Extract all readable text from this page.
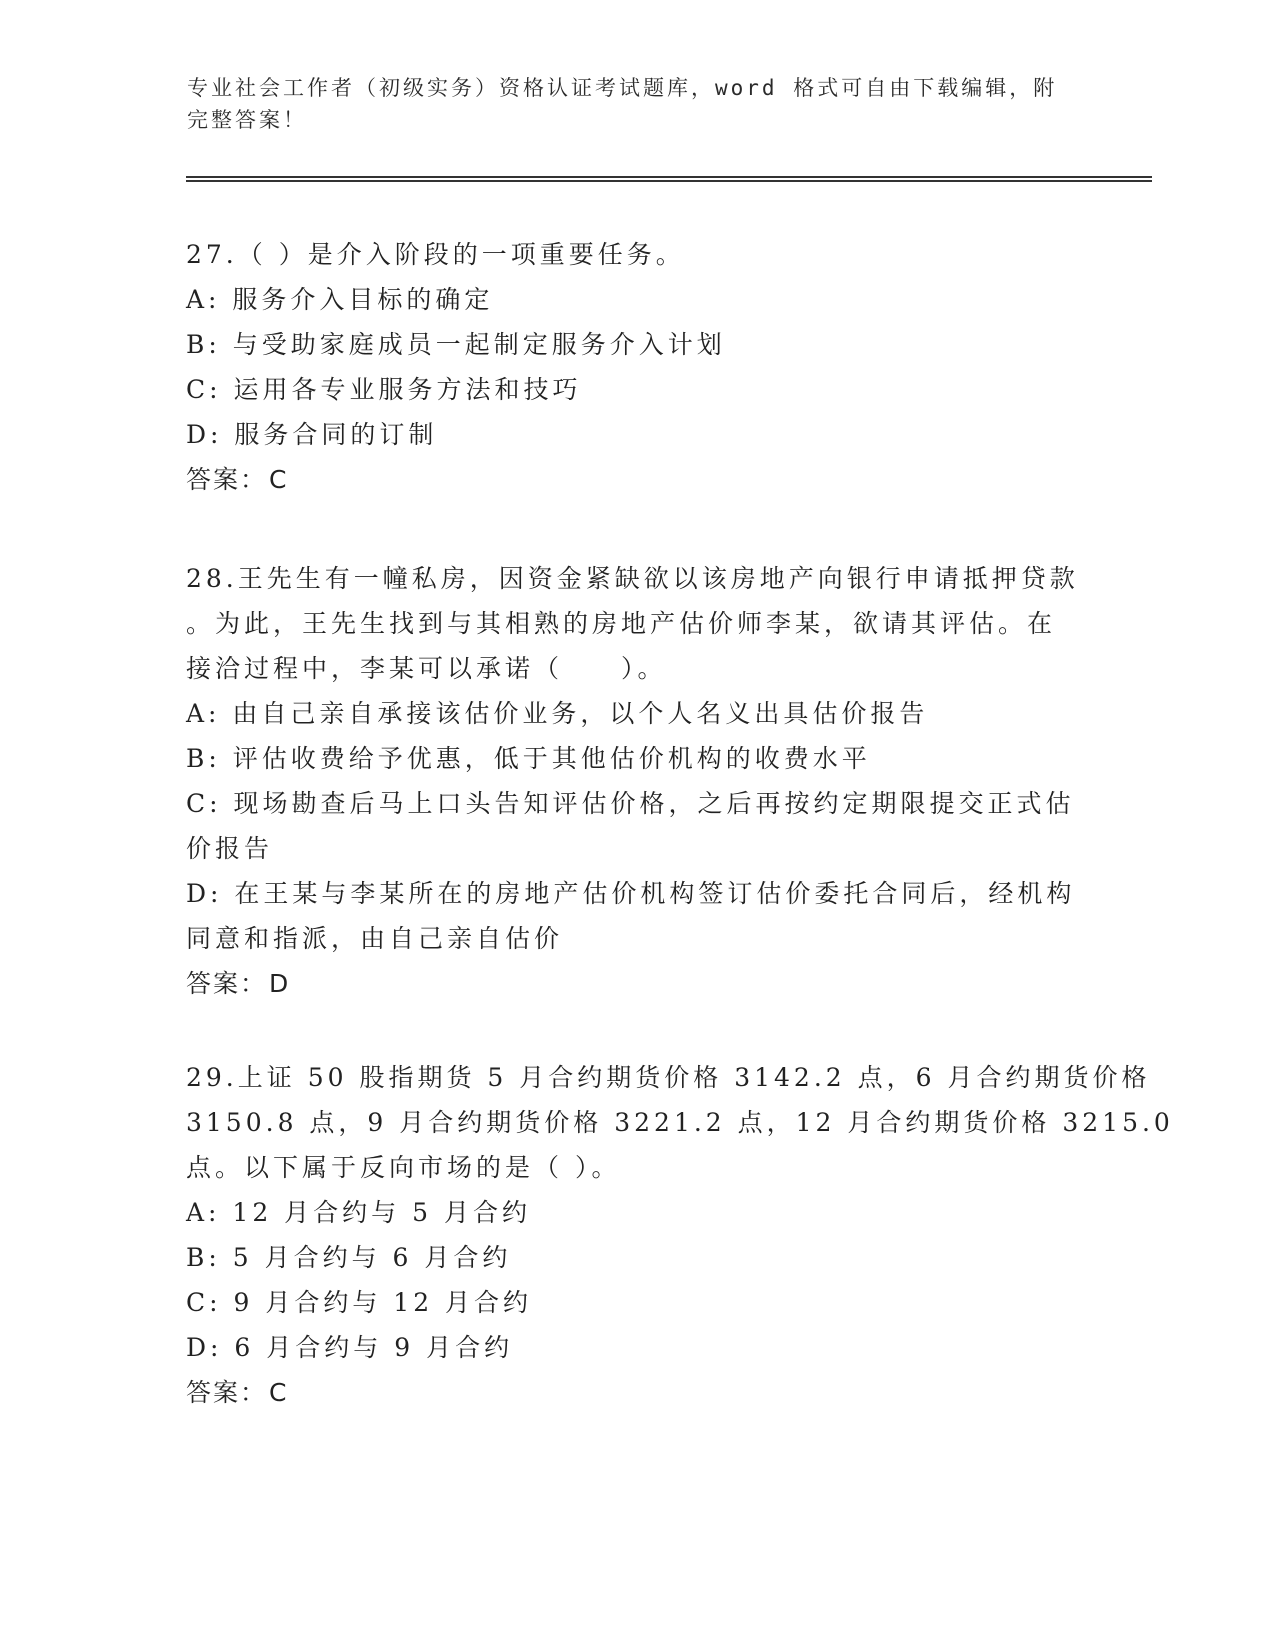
专业社会工作者（初级实务）资格认证考试题库，word 格式可自由下载编辑，附
完整答案！

27.（ ）是介入阶段的一项重要任务。

A: 服务介入目标的确定

B: 与受助家庭成员一起制定服务介入计划

C: 运用各专业服务方法和技巧

D: 服务合同的订制

答案：C

28.王先生有一幢私房，因资金紧缺欲以该房地产向银行申请抵押贷款

。为此，王先生找到与其相熟的房地产估价师李某，欲请其评估。在

接洽过程中，李某可以承诺（　　）。

A: 由自己亲自承接该估价业务，以个人名义出具估价报告

B: 评估收费给予优惠，低于其他估价机构的收费水平

C: 现场勘查后马上口头告知评估价格，之后再按约定期限提交正式估

价报告

D: 在王某与李某所在的房地产估价机构签订估价委托合同后，经机构

同意和指派，由自己亲自估价

答案：D

29.上证 50 股指期货 5 月合约期货价格 3142.2 点，6 月合约期货价格

3150.8 点，9 月合约期货价格 3221.2 点，12 月合约期货价格 3215.0

点。以下属于反向市场的是（ ）。

A: 12 月合约与 5 月合约

B: 5 月合约与 6 月合约

C: 9 月合约与 12 月合约

D: 6 月合约与 9 月合约

答案：C
